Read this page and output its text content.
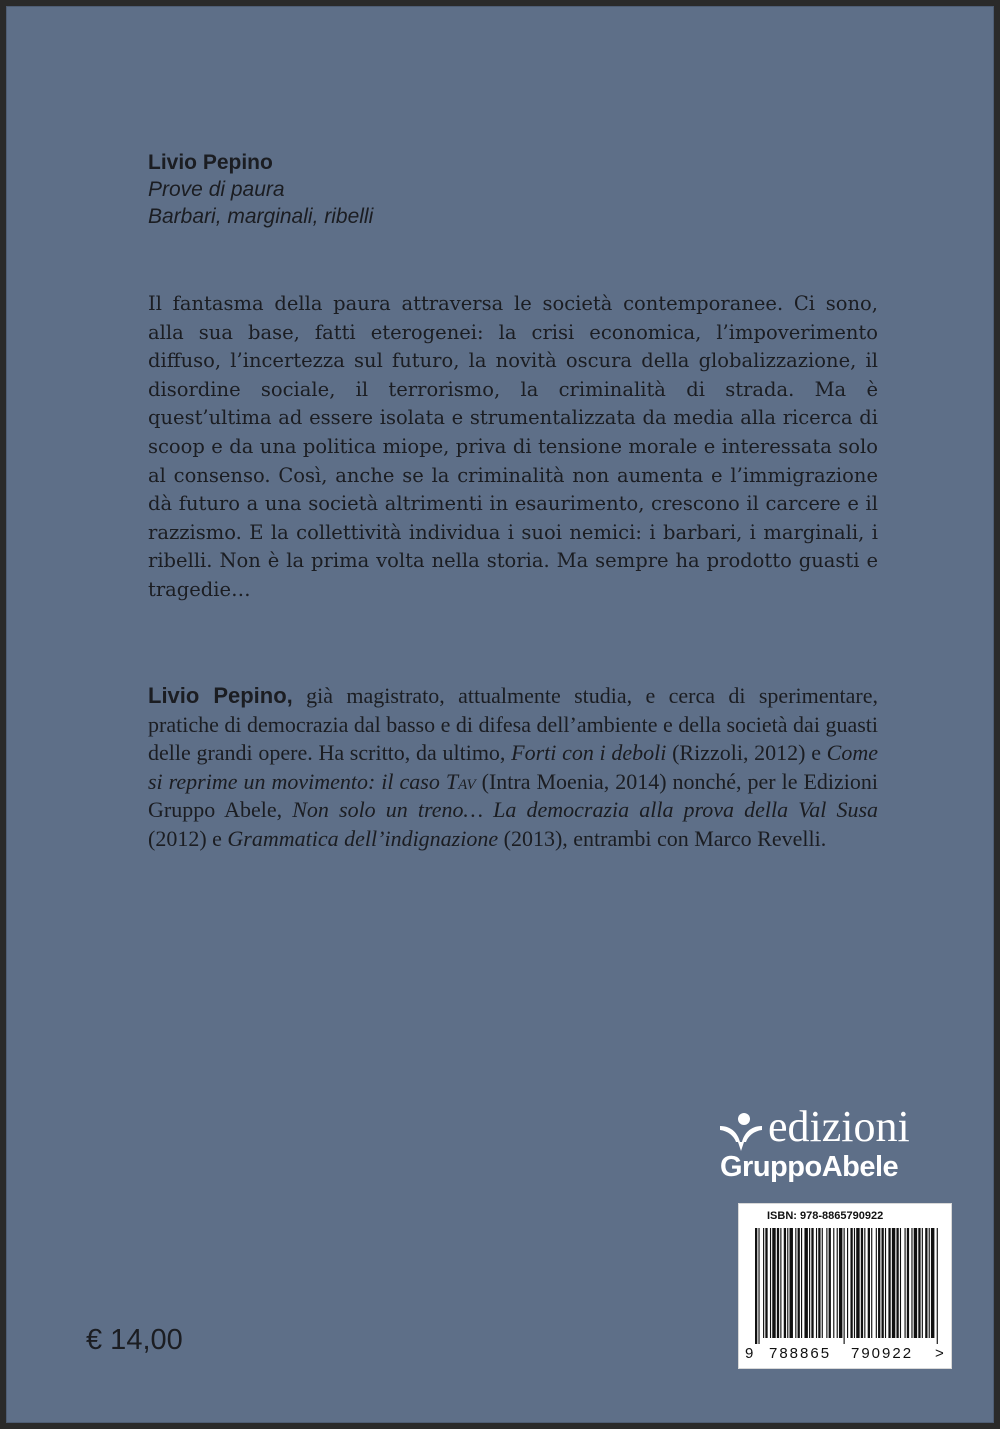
Livio Pepino
Prove di paura
Barbari, marginali, ribelli

Il fantasma della paura attraversa le società contemporanee. Ci sono, alla sua base, fatti eterogenei: la crisi economica, l’impoverimento diffuso, l’incertezza sul futuro, la novità oscura della globalizzazione, il disordine sociale, il terrorismo, la criminalità di strada. Ma è quest’ultima ad essere isolata e strumentalizzata da media alla ricerca di scoop e da una politica miope, priva di tensione morale e interessata solo al consenso. Così, anche se la criminalità non aumenta e l’immigrazione dà futuro a una società altrimenti in esaurimento, crescono il carcere e il razzismo. E la collettività individua i suoi nemici: i barbari, i marginali, i ribelli. Non è la prima volta nella storia. Ma sempre ha prodotto guasti e tragedie…

Livio Pepino, già magistrato, attualmente studia, e cerca di sperimentare, pratiche di democrazia dal basso e di difesa dell’ambiente e della società dai guasti delle grandi opere. Ha scritto, da ultimo, Forti con i deboli (Rizzoli, 2012) e Come si reprime un movimento: il caso Tav (Intra Moenia, 2014) nonché, per le Edizioni Gruppo Abele, Non solo un treno… La democrazia alla prova della Val Susa (2012) e Grammatica dell’indignazione (2013), entrambi con Marco Revelli.

edizioni
GruppoAbele
ISBN: 978-8865790922
9 788865 790922 >
€ 14,00
